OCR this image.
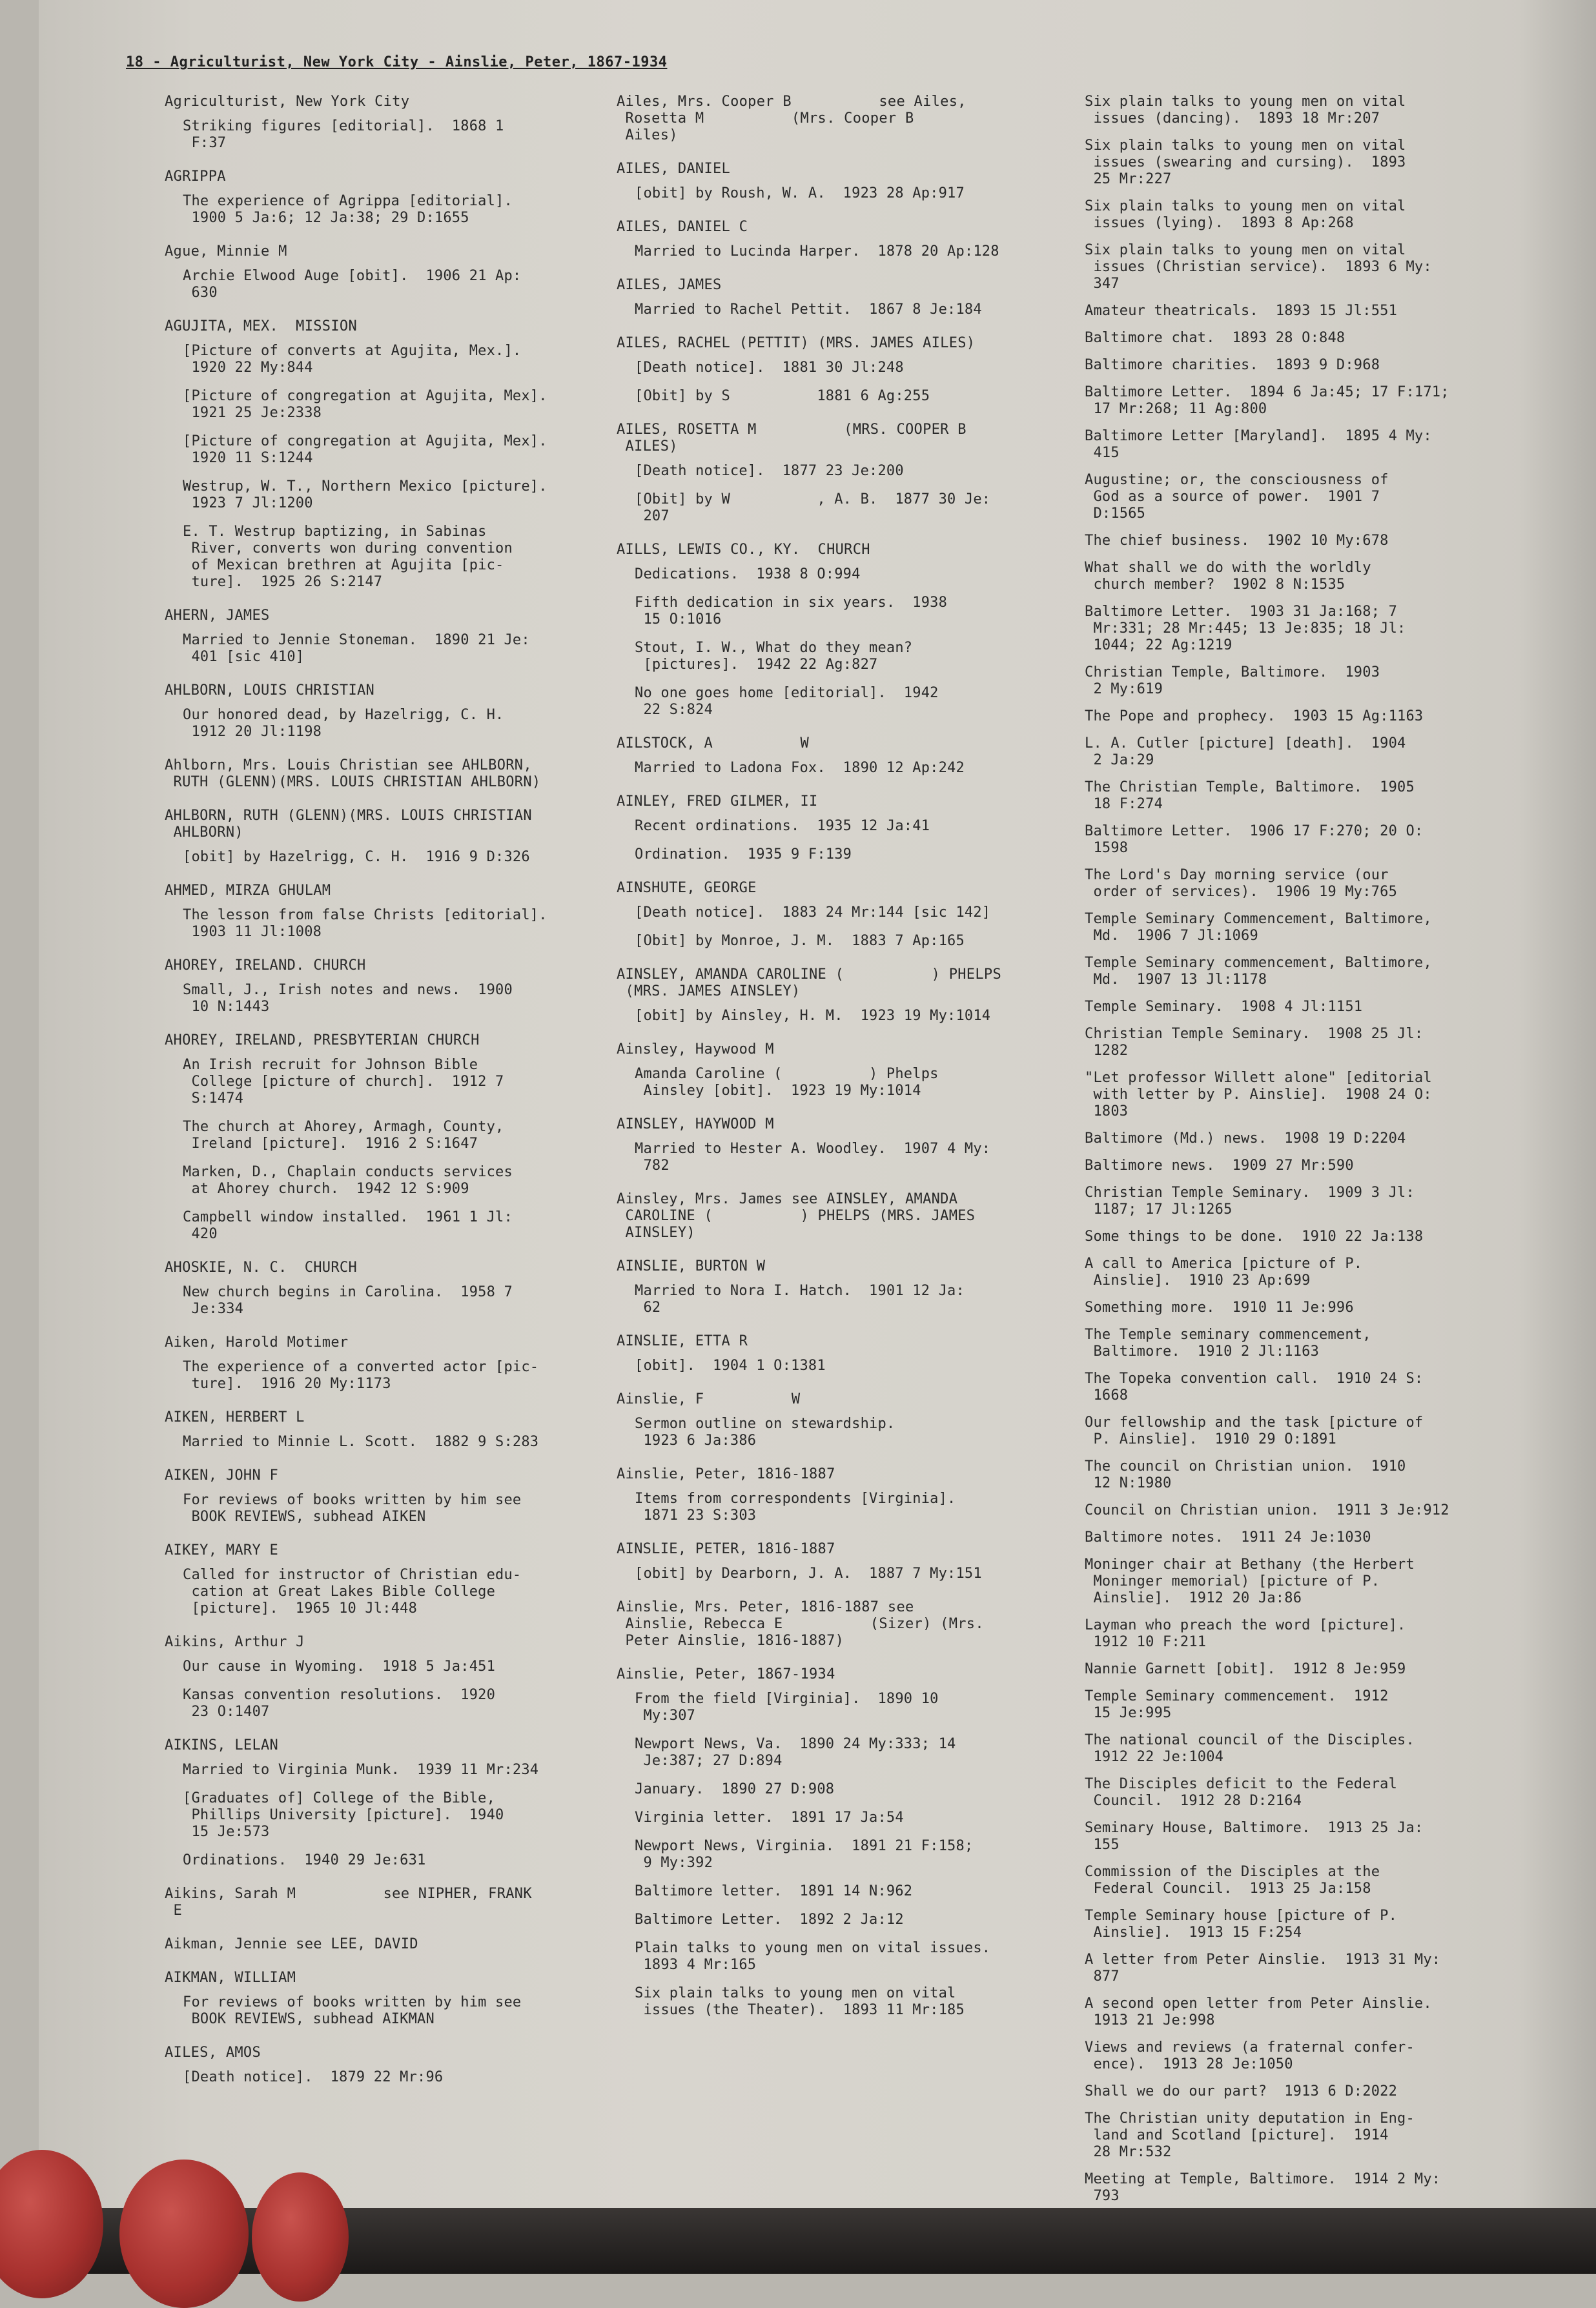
18 - Agriculturist, New York City - Ainslie, Peter, 1867-1934
Agriculturist, New York City
Striking figures [editorial].  1868 1
F:37
AGRIPPA
The experience of Agrippa [editorial].
1900 5 Ja:6; 12 Ja:38; 29 D:1655
Ague, Minnie M
Archie Elwood Auge [obit].  1906 21 Ap:
630
AGUJITA, MEX.  MISSION
[Picture of converts at Agujita, Mex.].
1920 22 My:844
[Picture of congregation at Agujita, Mex].
1921 25 Je:2338
[Picture of congregation at Agujita, Mex].
1920 11 S:1244
Westrup, W. T., Northern Mexico [picture].
1923 7 Jl:1200
E. T. Westrup baptizing, in Sabinas
River, converts won during convention
of Mexican brethren at Agujita [pic-
ture].  1925 26 S:2147
AHERN, JAMES
Married to Jennie Stoneman.  1890 21 Je:
401 [sic 410]
AHLBORN, LOUIS CHRISTIAN
Our honored dead, by Hazelrigg, C. H.
1912 20 Jl:1198
Ahlborn, Mrs. Louis Christian see AHLBORN,
RUTH (GLENN)(MRS. LOUIS CHRISTIAN AHLBORN)
AHLBORN, RUTH (GLENN)(MRS. LOUIS CHRISTIAN
AHLBORN)
[obit] by Hazelrigg, C. H.  1916 9 D:326
AHMED, MIRZA GHULAM
The lesson from false Christs [editorial].
1903 11 Jl:1008
AHOREY, IRELAND. CHURCH
Small, J., Irish notes and news.  1900
10 N:1443
AHOREY, IRELAND, PRESBYTERIAN CHURCH
An Irish recruit for Johnson Bible
College [picture of church].  1912 7
S:1474
The church at Ahorey, Armagh, County,
Ireland [picture].  1916 2 S:1647
Marken, D., Chaplain conducts services
at Ahorey church.  1942 12 S:909
Campbell window installed.  1961 1 Jl:
420
AHOSKIE, N. C.  CHURCH
New church begins in Carolina.  1958 7
Je:334
Aiken, Harold Motimer
The experience of a converted actor [pic-
ture].  1916 20 My:1173
AIKEN, HERBERT L
Married to Minnie L. Scott.  1882 9 S:283
AIKEN, JOHN F
For reviews of books written by him see
BOOK REVIEWS, subhead AIKEN
AIKEY, MARY E
Called for instructor of Christian edu-
cation at Great Lakes Bible College
[picture].  1965 10 Jl:448
Aikins, Arthur J
Our cause in Wyoming.  1918 5 Ja:451
Kansas convention resolutions.  1920
23 O:1407
AIKINS, LELAN
Married to Virginia Munk.  1939 11 Mr:234
[Graduates of] College of the Bible,
Phillips University [picture].  1940
15 Je:573
Ordinations.  1940 29 Je:631
Aikins, Sarah M          see NIPHER, FRANK
E
Aikman, Jennie see LEE, DAVID
AIKMAN, WILLIAM
For reviews of books written by him see
BOOK REVIEWS, subhead AIKMAN
AILES, AMOS
[Death notice].  1879 22 Mr:96
Ailes, Mrs. Cooper B          see Ailes,
Rosetta M          (Mrs. Cooper B
Ailes)
AILES, DANIEL
[obit] by Roush, W. A.  1923 28 Ap:917
AILES, DANIEL C
Married to Lucinda Harper.  1878 20 Ap:128
AILES, JAMES
Married to Rachel Pettit.  1867 8 Je:184
AILES, RACHEL (PETTIT) (MRS. JAMES AILES)
[Death notice].  1881 30 Jl:248
[Obit] by S          1881 6 Ag:255
AILES, ROSETTA M          (MRS. COOPER B
AILES)
[Death notice].  1877 23 Je:200
[Obit] by W          , A. B.  1877 30 Je:
207
AILLS, LEWIS CO., KY.  CHURCH
Dedications.  1938 8 O:994
Fifth dedication in six years.  1938
15 O:1016
Stout, I. W., What do they mean?
[pictures].  1942 22 Ag:827
No one goes home [editorial].  1942
22 S:824
AILSTOCK, A          W
Married to Ladona Fox.  1890 12 Ap:242
AINLEY, FRED GILMER, II
Recent ordinations.  1935 12 Ja:41
Ordination.  1935 9 F:139
AINSHUTE, GEORGE
[Death notice].  1883 24 Mr:144 [sic 142]
[Obit] by Monroe, J. M.  1883 7 Ap:165
AINSLEY, AMANDA CAROLINE (          ) PHELPS
(MRS. JAMES AINSLEY)
[obit] by Ainsley, H. M.  1923 19 My:1014
Ainsley, Haywood M
Amanda Caroline (          ) Phelps
Ainsley [obit].  1923 19 My:1014
AINSLEY, HAYWOOD M
Married to Hester A. Woodley.  1907 4 My:
782
Ainsley, Mrs. James see AINSLEY, AMANDA
CAROLINE (          ) PHELPS (MRS. JAMES
AINSLEY)
AINSLIE, BURTON W
Married to Nora I. Hatch.  1901 12 Ja:
62
AINSLIE, ETTA R
[obit].  1904 1 O:1381
Ainslie, F          W
Sermon outline on stewardship.
1923 6 Ja:386
Ainslie, Peter, 1816-1887
Items from correspondents [Virginia].
1871 23 S:303
AINSLIE, PETER, 1816-1887
[obit] by Dearborn, J. A.  1887 7 My:151
Ainslie, Mrs. Peter, 1816-1887 see
Ainslie, Rebecca E          (Sizer) (Mrs.
Peter Ainslie, 1816-1887)
Ainslie, Peter, 1867-1934
From the field [Virginia].  1890 10
My:307
Newport News, Va.  1890 24 My:333; 14
Je:387; 27 D:894
January.  1890 27 D:908
Virginia letter.  1891 17 Ja:54
Newport News, Virginia.  1891 21 F:158;
9 My:392
Baltimore letter.  1891 14 N:962
Baltimore Letter.  1892 2 Ja:12
Plain talks to young men on vital issues.
1893 4 Mr:165
Six plain talks to young men on vital
issues (the Theater).  1893 11 Mr:185
Six plain talks to young men on vital
issues (dancing).  1893 18 Mr:207
Six plain talks to young men on vital
issues (swearing and cursing).  1893
25 Mr:227
Six plain talks to young men on vital
issues (lying).  1893 8 Ap:268
Six plain talks to young men on vital
issues (Christian service).  1893 6 My:
347
Amateur theatricals.  1893 15 Jl:551
Baltimore chat.  1893 28 O:848
Baltimore charities.  1893 9 D:968
Baltimore Letter.  1894 6 Ja:45; 17 F:171;
17 Mr:268; 11 Ag:800
Baltimore Letter [Maryland].  1895 4 My:
415
Augustine; or, the consciousness of
God as a source of power.  1901 7
D:1565
The chief business.  1902 10 My:678
What shall we do with the worldly
church member?  1902 8 N:1535
Baltimore Letter.  1903 31 Ja:168; 7
Mr:331; 28 Mr:445; 13 Je:835; 18 Jl:
1044; 22 Ag:1219
Christian Temple, Baltimore.  1903
2 My:619
The Pope and prophecy.  1903 15 Ag:1163
L. A. Cutler [picture] [death].  1904
2 Ja:29
The Christian Temple, Baltimore.  1905
18 F:274
Baltimore Letter.  1906 17 F:270; 20 O:
1598
The Lord's Day morning service (our
order of services).  1906 19 My:765
Temple Seminary Commencement, Baltimore,
Md.  1906 7 Jl:1069
Temple Seminary commencement, Baltimore,
Md.  1907 13 Jl:1178
Temple Seminary.  1908 4 Jl:1151
Christian Temple Seminary.  1908 25 Jl:
1282
"Let professor Willett alone" [editorial
with letter by P. Ainslie].  1908 24 O:
1803
Baltimore (Md.) news.  1908 19 D:2204
Baltimore news.  1909 27 Mr:590
Christian Temple Seminary.  1909 3 Jl:
1187; 17 Jl:1265
Some things to be done.  1910 22 Ja:138
A call to America [picture of P.
Ainslie].  1910 23 Ap:699
Something more.  1910 11 Je:996
The Temple seminary commencement,
Baltimore.  1910 2 Jl:1163
The Topeka convention call.  1910 24 S:
1668
Our fellowship and the task [picture of
P. Ainslie].  1910 29 O:1891
The council on Christian union.  1910
12 N:1980
Council on Christian union.  1911 3 Je:912
Baltimore notes.  1911 24 Je:1030
Moninger chair at Bethany (the Herbert
Moninger memorial) [picture of P.
Ainslie].  1912 20 Ja:86
Layman who preach the word [picture].
1912 10 F:211
Nannie Garnett [obit].  1912 8 Je:959
Temple Seminary commencement.  1912
15 Je:995
The national council of the Disciples.
1912 22 Je:1004
The Disciples deficit to the Federal
Council.  1912 28 D:2164
Seminary House, Baltimore.  1913 25 Ja:
155
Commission of the Disciples at the
Federal Council.  1913 25 Ja:158
Temple Seminary house [picture of P.
Ainslie].  1913 15 F:254
A letter from Peter Ainslie.  1913 31 My:
877
A second open letter from Peter Ainslie.
1913 21 Je:998
Views and reviews (a fraternal confer-
ence).  1913 28 Je:1050
Shall we do our part?  1913 6 D:2022
The Christian unity deputation in Eng-
land and Scotland [picture].  1914
28 Mr:532
Meeting at Temple, Baltimore.  1914 2 My:
793
